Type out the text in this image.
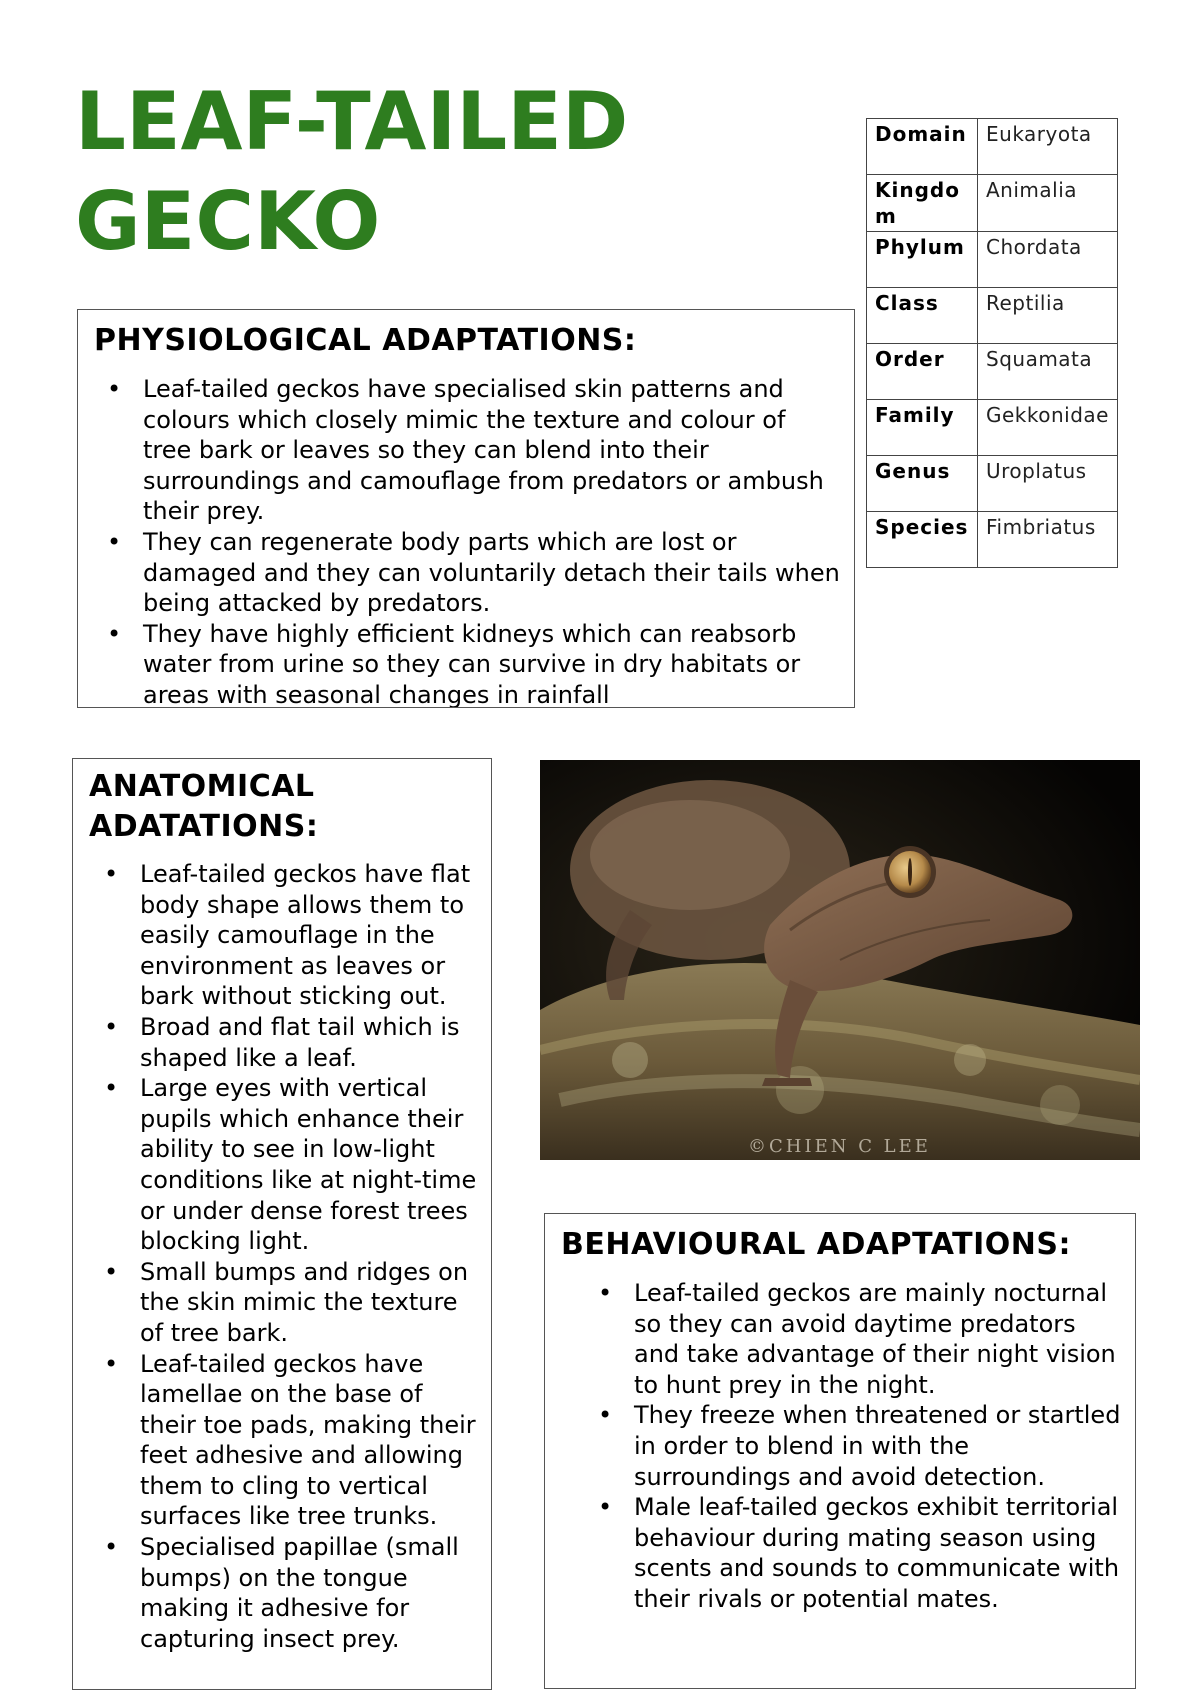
LEAF-TAILED
GECKO
PHYSIOLOGICAL ADAPTATIONS:
• Leaf-tailed geckos have specialised skin patterns and colours which closely mimic the texture and colour of tree bark or leaves so they can blend into their surroundings and camouflage from predators or ambush their prey.
• They can regenerate body parts which are lost or damaged and they can voluntarily detach their tails when being attacked by predators.
• They have highly efficient kidneys which can reabsorb water from urine so they can survive in dry habitats or areas with seasonal changes in rainfall
Domain	Eukaryota
Kingdom	Animalia
Phylum	Chordata
Class	Reptilia
Order	Squamata
Family	Gekkonidae
Genus	Uroplatus
Species	Fimbriatus
ANATOMICAL ADATATIONS:
• Leaf-tailed geckos have flat body shape allows them to easily camouflage in the environment as leaves or bark without sticking out.
• Broad and flat tail which is shaped like a leaf.
• Large eyes with vertical pupils which enhance their ability to see in low-light conditions like at night-time or under dense forest trees blocking light.
• Small bumps and ridges on the skin mimic the texture of tree bark.
• Leaf-tailed geckos have lamellae on the base of their toe pads, making their feet adhesive and allowing them to cling to vertical surfaces like tree trunks.
• Specialised papillae (small bumps) on the tongue making it adhesive for capturing insect prey.
©CHIEN C LEE
BEHAVIOURAL ADAPTATIONS:
• Leaf-tailed geckos are mainly nocturnal so they can avoid daytime predators and take advantage of their night vision to hunt prey in the night.
• They freeze when threatened or startled in order to blend in with the surroundings and avoid detection.
• Male leaf-tailed geckos exhibit territorial behaviour during mating season using scents and sounds to communicate with their rivals or potential mates.
